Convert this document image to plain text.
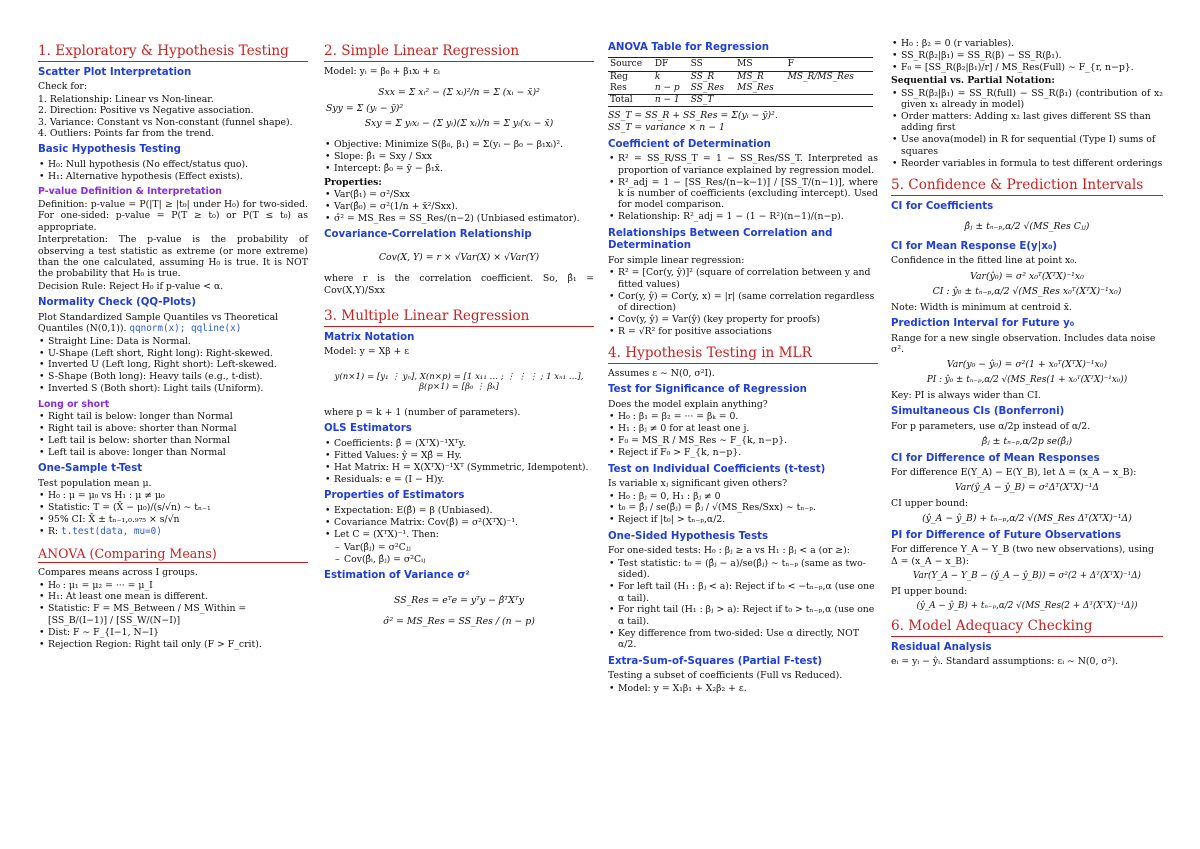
1. Exploratory & Hypothesis Testing
Scatter Plot Interpretation

Check for:

1. Relationship: Linear vs Non-linear.
2. Direction: Positive vs Negative association.
3. Variance: Constant vs Non-constant (funnel shape).
4. Outliers: Points far from the trend.
Basic Hypothesis Testing
• H₀: Null hypothesis (No effect/status quo).
• H₁: Alternative hypothesis (Effect exists).
P-value Definition & Interpretation

Definition: p-value = P(|T| ≥ |t₀| under H₀) for two-sided. For one-sided: p-value = P(T ≥ t₀) or P(T ≤ t₀) as appropriate.

Interpretation: The p-value is the probability of observing a test statistic as extreme (or more extreme) than the one calculated, assuming H₀ is true. It is NOT the probability that H₀ is true.

Decision Rule: Reject H₀ if p-value < α.

Normality Check (QQ-Plots)

Plot Standardized Sample Quantiles vs Theoretical Quantiles (N(0,1)). qqnorm(x); qqline(x)

• Straight Line: Data is Normal.
• U-Shape (Left short, Right long): Right-skewed.
• Inverted U (Left long, Right short): Left-skewed.
• S-Shape (Both long): Heavy tails (e.g., t-dist).
• Inverted S (Both short): Light tails (Uniform).
Long or short
• Right tail is below: longer than Normal
• Right tail is above: shorter than Normal
• Left tail is below: shorter than Normal
• Left tail is above: longer than Normal
One-Sample t-Test

Test population mean μ.

• H₀ : μ = μ₀ vs H₁ : μ ≠ μ₀
• Statistic: T = (X̄ − μ₀)/(s/√n) ∼ tₙ₋₁
• 95% CI: X̄ ± tₙ₋₁,₀.₉₇₅ × s/√n
• R: t.test(data, mu=0)
ANOVA (Comparing Means)

Compares means across I groups.

• H₀ : μ₁ = μ₂ = ··· = μ_I
• H₁: At least one mean is different.
• Statistic: F = MS_Between / MS_Within = [SS_B/(I−1)] / [SS_W/(N−I)]
• Dist: F ∼ F_{I−1, N−I}
• Rejection Region: Right tail only (F > F_crit).
2. Simple Linear Regression

Model: yᵢ = β₀ + β₁xᵢ + εᵢ

Sxx = Σ xᵢ² − (Σ xᵢ)²/n = Σ (xᵢ − x̄)²

Syy = Σ (yᵢ − ȳ)²

Sxy = Σ yᵢxᵢ − (Σ yᵢ)(Σ xᵢ)/n = Σ yᵢ(xᵢ − x̄)

• Objective: Minimize S(β₀, β₁) = Σ(yᵢ − β₀ − β₁xᵢ)².
• Slope: β̂₁ = Sxy / Sxx
• Intercept: β̂₀ = ȳ − β̂₁x̄.

Properties:

• Var(β̂₁) = σ²/Sxx
• Var(β̂₀) = σ²(1/n + x̄²/Sxx).
• σ̂² = MS_Res = SS_Res/(n−2) (Unbiased estimator).
Covariance-Correlation Relationship

Cov(X, Y) = r × √Var(X) × √Var(Y)

where r is the correlation coefficient. So, β̂₁ = Cov(X,Y)/Sxx

3. Multiple Linear Regression
Matrix Notation

Model: y = Xβ + ε

y(n×1) = [y₁ ⋮ yₙ], X(n×p) = [1 x₁₁ … ; ⋮ ⋮ ⋮ ; 1 xₙ₁ …], β(p×1) = [β₀ ⋮ βₖ]

where p = k + 1 (number of parameters).

OLS Estimators
• Coefficients: β̂ = (XᵀX)⁻¹Xᵀy.
• Fitted Values: ŷ = Xβ̂ = Hy.
• Hat Matrix: H = X(XᵀX)⁻¹Xᵀ (Symmetric, Idempotent).
• Residuals: e = (I − H)y.
Properties of Estimators
• Expectation: E(β̂) = β (Unbiased).
• Covariance Matrix: Cov(β̂) = σ²(XᵀX)⁻¹.
• Let C = (XᵀX)⁻¹. Then:
– Var(β̂ⱼ) = σ²Cⱼⱼ
– Cov(β̂ᵢ, β̂ⱼ) = σ²Cᵢⱼ
Estimation of Variance σ²

SS_Res = eᵀe = yᵀy − β̂ᵀXᵀy

σ̂² = MS_Res = SS_Res / (n − p)

ANOVA Table for Regression
Source	DF	SS	MS	F
Reg	k	SS_R	MS_R	MS_R/MS_Res
Res	n − p	SS_Res	MS_Res	
Total	n − 1	SS_T		

SS_T = SS_R + SS_Res = Σ(yᵢ − ȳ)².

SS_T = variance × n − 1

Coefficient of Determination
• R² = SS_R/SS_T = 1 − SS_Res/SS_T. Interpreted as proportion of variance explained by regression model.
• R²_adj = 1 − [SS_Res/(n−k−1)] / [SS_T/(n−1)], where k is number of coefficients (excluding intercept). Used for model comparison.
• Relationship: R²_adj = 1 − (1 − R²)(n−1)/(n−p).
Relationships Between Correlation and Determination

For simple linear regression:

• R² = [Cor(y, ŷ)]² (square of correlation between y and fitted values)
• Cor(y, ŷ) = Cor(y, x) = |r| (same correlation regardless of direction)
• Cov(y, ŷ) = Var(ŷ) (key property for proofs)
• R = √R² for positive associations
4. Hypothesis Testing in MLR

Assumes ε ∼ N(0, σ²I).

Test for Significance of Regression

Does the model explain anything?

• H₀ : β₁ = β₂ = ··· = βₖ = 0.
• H₁ : βⱼ ≠ 0 for at least one j.
• F₀ = MS_R / MS_Res ∼ F_{k, n−p}.
• Reject if F₀ > F_{k, n−p}.
Test on Individual Coefficients (t-test)

Is variable xⱼ significant given others?

• H₀ : βⱼ = 0, H₁ : βⱼ ≠ 0
• t₀ = β̂ⱼ / se(β̂ⱼ) = β̂ⱼ / √(MS_Res/Sxx) ∼ tₙ₋ₚ.
• Reject if |t₀| > tₙ₋ₚ,α/2.
One-Sided Hypothesis Tests

For one-sided tests: H₀ : βⱼ ≥ a vs H₁ : βⱼ < a (or ≥):

• Test statistic: t₀ = (β̂ⱼ − a)/se(β̂ⱼ) ∼ tₙ₋ₚ (same as two-sided).
• For left tail (H₁ : βⱼ < a): Reject if t₀ < −tₙ₋ₚ,α (use one α tail).
• For right tail (H₁ : βⱼ > a): Reject if t₀ > tₙ₋ₚ,α (use one α tail).
• Key difference from two-sided: Use α directly, NOT α/2.
Extra-Sum-of-Squares (Partial F-test)

Testing a subset of coefficients (Full vs Reduced).

• Model: y = X₁β₁ + X₂β₂ + ε.
• H₀ : β₂ = 0 (r variables).
• SS_R(β₂|β₁) = SS_R(β) − SS_R(β₁).
• F₀ = [SS_R(β₂|β₁)/r] / MS_Res(Full) ∼ F_{r, n−p}.

Sequential vs. Partial Notation:

• SS_R(β₂|β₁) = SS_R(full) − SS_R(β₁) (contribution of x₂ given x₁ already in model)
• Order matters: Adding x₂ last gives different SS than adding first
• Use anova(model) in R for sequential (Type I) sums of squares
• Reorder variables in formula to test different orderings
5. Confidence & Prediction Intervals
CI for Coefficients

β̂ⱼ ± tₙ₋ₚ,α/2 √(MS_Res Cⱼⱼ)

CI for Mean Response E(y|x₀)

Confidence in the fitted line at point x₀.

Var(ŷ₀) = σ² x₀ᵀ(XᵀX)⁻¹x₀

CI : ŷ₀ ± tₙ₋ₚ,α/2 √(MS_Res x₀ᵀ(XᵀX)⁻¹x₀)

Note: Width is minimum at centroid x̄.

Prediction Interval for Future y₀

Range for a new single observation. Includes data noise σ².

Var(y₀ − ŷ₀) = σ²(1 + x₀ᵀ(XᵀX)⁻¹x₀)

PI : ŷ₀ ± tₙ₋ₚ,α/2 √(MS_Res(1 + x₀ᵀ(XᵀX)⁻¹x₀))

Key: PI is always wider than CI.

Simultaneous CIs (Bonferroni)

For p parameters, use α/2p instead of α/2.

β̂ⱼ ± tₙ₋ₚ,α/2p se(β̂ⱼ)

CI for Difference of Mean Responses

For difference E(Y_A) − E(Y_B), let Δ = (x_A − x_B):

Var(ŷ_A − ŷ_B) = σ²Δᵀ(XᵀX)⁻¹Δ

CI upper bound:

(ŷ_A − ŷ_B) + tₙ₋ₚ,α/2 √(MS_Res Δᵀ(XᵀX)⁻¹Δ)

PI for Difference of Future Observations

For difference Y_A − Y_B (two new observations), using Δ = (x_A − x_B):

Var(Y_A − Y_B − (ŷ_A − ŷ_B)) = σ²(2 + Δᵀ(XᵀX)⁻¹Δ)

PI upper bound:

(ŷ_A − ŷ_B) + tₙ₋ₚ,α/2 √(MS_Res(2 + Δᵀ(XᵀX)⁻¹Δ))

6. Model Adequacy Checking
Residual Analysis

eᵢ = yᵢ − ŷᵢ. Standard assumptions: εᵢ ∼ N(0, σ²).
